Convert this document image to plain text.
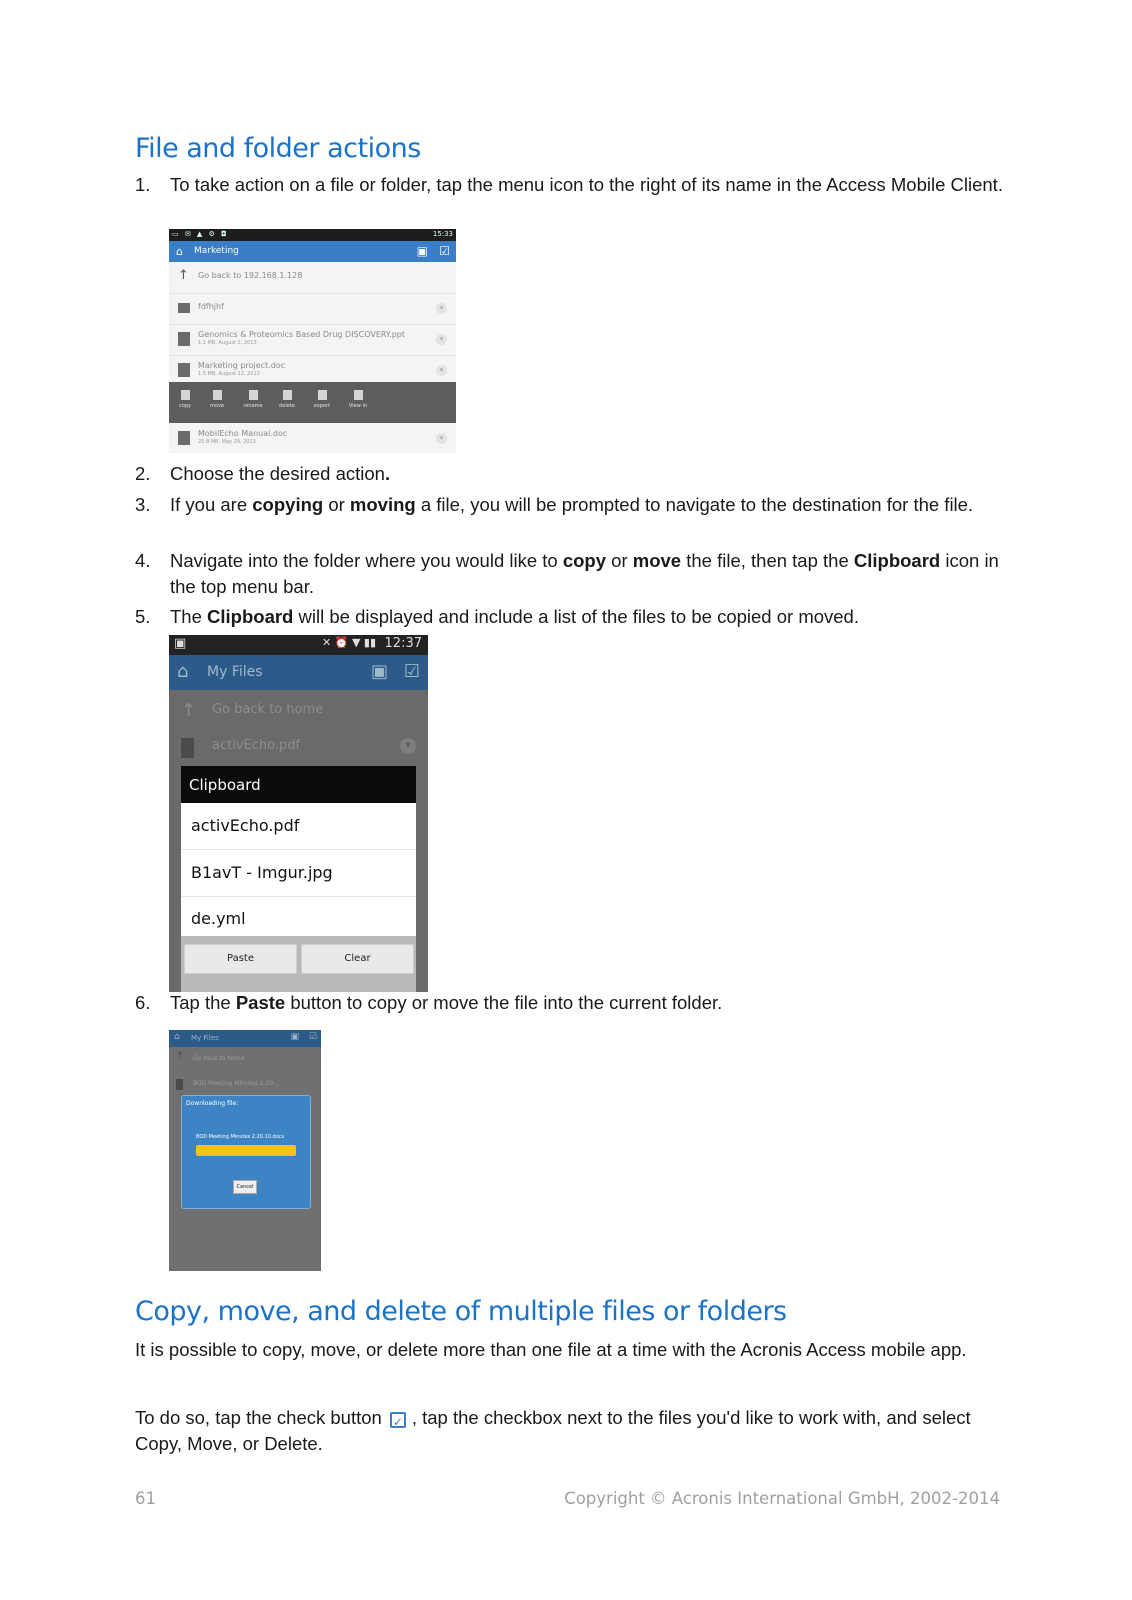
File and folder actions
1. To take action on a file or folder, tap the menu icon to the right of its name in the Access Mobile Client.
▭ ✉ ▲ ⚙ ◘	15:33
⌂ Marketing	▣ ☑
↑ Go back to 192.168.1.128
fdfhjhf	▾
Genomics & Proteomics Based Drug DISCOVERY.ppt
1.1 MB, August 2, 2013	▾
Marketing project.doc
1.5 MB, August 12, 2013	▾
copy	move	rename	delete	export	View in
MobilEcho Manual.doc
25.8 MB, May 29, 2013	▾
2. Choose the desired action.
3. If you are copying or moving a file, you will be prompted to navigate to the destination for the file.
4. Navigate into the folder where you would like to copy or move the file, then tap the Clipboard icon in the top menu bar.
5. The Clipboard will be displayed and include a list of the files to be copied or moved.
▣	✕ ⏰ ▼ ▮▮ 12:37
⌂ My Files	▣ ☑
↑ Go back to home
activEcho.pdf	▾
Clipboard
activEcho.pdf
B1avT - Imgur.jpg
de.yml
Paste	Clear
6. Tap the Paste button to copy or move the file into the current folder.
⌂ My Files	▣ ☑
↑ Go back to home
BOD Meeting Minutes 2.20...
Downloading file:
BOD Meeting Minutes 2.20.10.docx
Cancel
Copy, move, and delete of multiple files or folders
It is possible to copy, move, or delete more than one file at a time with the Acronis Access mobile app.
To do so, tap the check button ✓ , tap the checkbox next to the files you'd like to work with, and select Copy, Move, or Delete.
61	Copyright © Acronis International GmbH, 2002-2014
